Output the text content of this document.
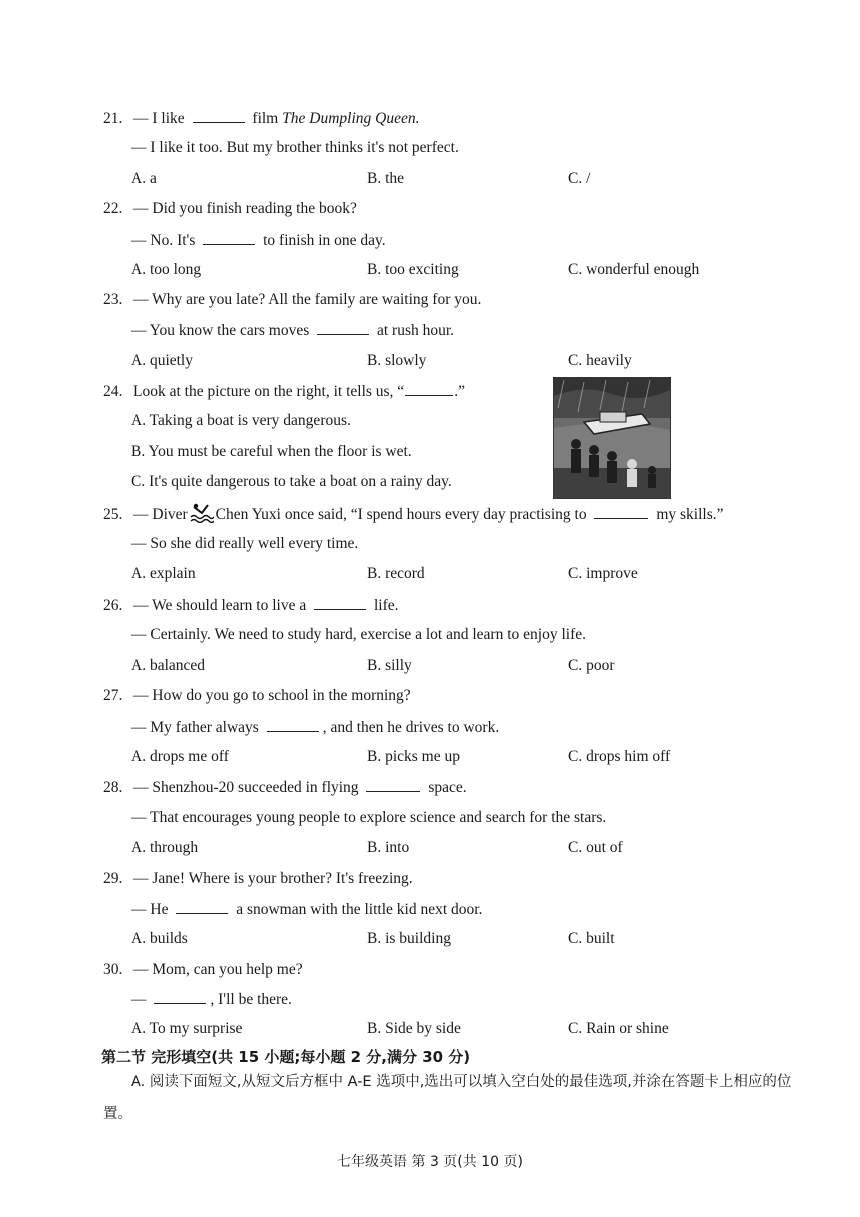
21. — I like	film The Dumpling Queen.
— I like it too. But my brother thinks it's not perfect.
A. a	B. the	C. /
22. — Did you finish reading the book?
— No. It's	to finish in one day.
A. too long	B. too exciting	C. wonderful enough
23. — Why are you late? All the family are waiting for you.
— You know the cars moves	at rush hour.
A. quietly	B. slowly	C. heavily
24. Look at the picture on the right, it tells us, “	.”
A. Taking a boat is very dangerous.
B. You must be careful when the floor is wet.
C. It's quite dangerous to take a boat on a rainy day.
25. — Diver Chen Yuxi once said, “I spend hours every day practising to	my skills.”
— So she did really well every time.
A. explain	B. record	C. improve
26. — We should learn to live a	life.
— Certainly. We need to study hard, exercise a lot and learn to enjoy life.
A. balanced	B. silly	C. poor
27. — How do you go to school in the morning?
— My father always	, and then he drives to work.
A. drops me off	B. picks me up	C. drops him off
28. — Shenzhou-20 succeeded in flying	space.
— That encourages young people to explore science and search for the stars.
A. through	B. into	C. out of
29. — Jane! Where is your brother? It's freezing.
— He	a snowman with the little kid next door.
A. builds	B. is building	C. built
30. — Mom, can you help me?
—	, I'll be there.
A. To my surprise	B. Side by side	C. Rain or shine
第二节 完形填空(共 15 小题;每小题 2 分,满分 30 分)
A. 阅读下面短文,从短文后方框中 A-E 选项中,选出可以填入空白处的最佳选项,并涂在答题卡上相应的位置。
七年级英语 第 3 页(共 10 页)
